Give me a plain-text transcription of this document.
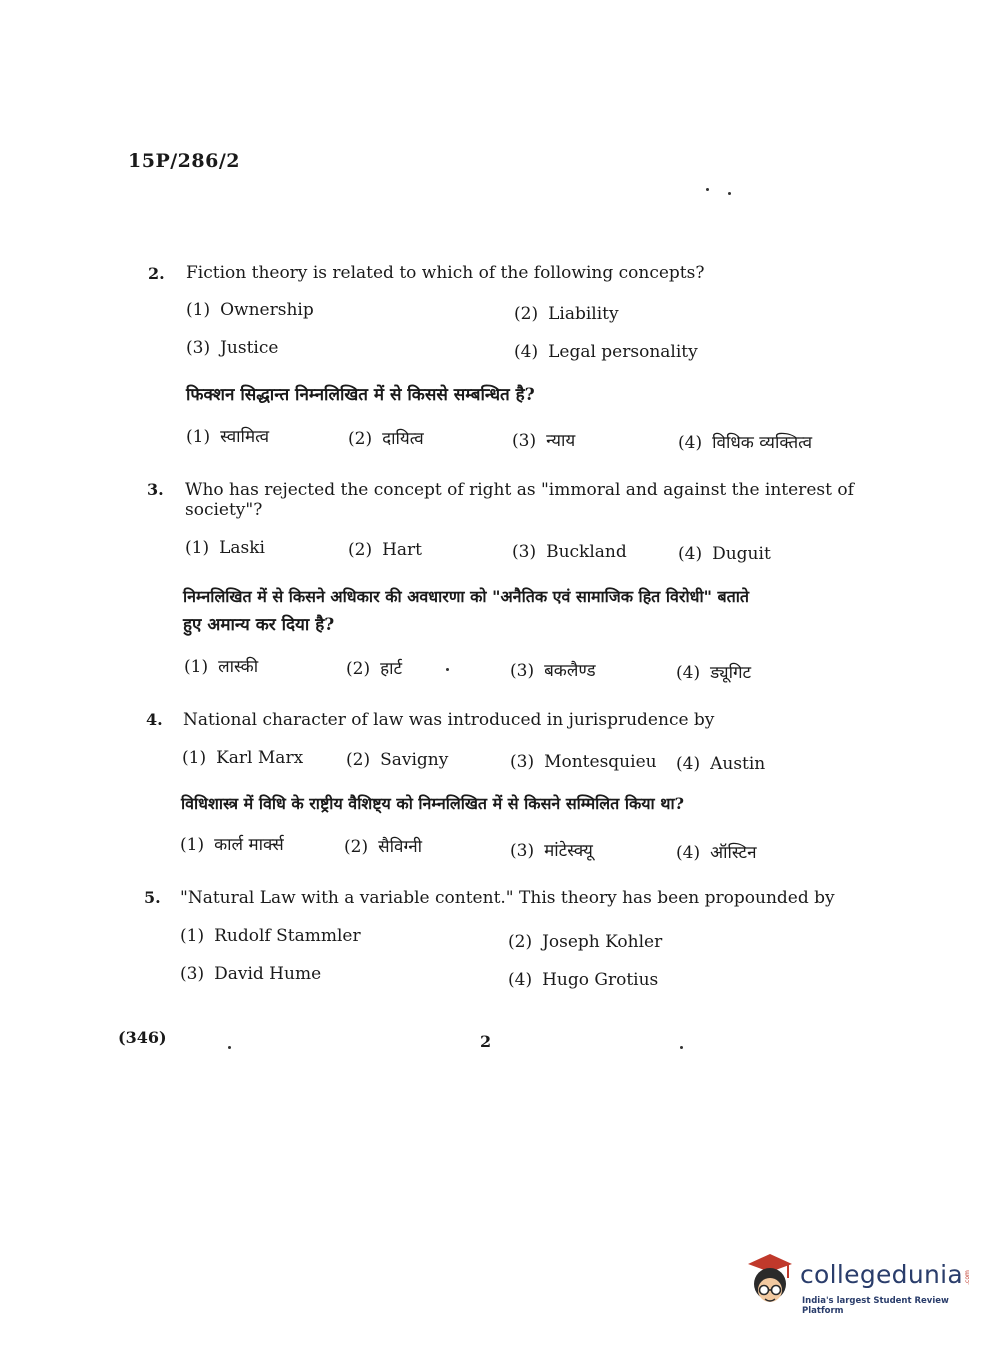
15P/286/2
2. Fiction theory is related to which of the following concepts?
(1) Ownership	(2) Liability
(3) Justice	(4) Legal personality
फिक्शन सिद्धान्त निम्नलिखित में से किससे सम्बन्धित है?
(1) स्वामित्व	(2) दायित्व	(3) न्याय	(4) विधिक व्यक्तित्व
3. Who has rejected the concept of right as "immoral and against the interest of
society"?
(1) Laski	(2) Hart	(3) Buckland	(4) Duguit
निम्नलिखित में से किसने अधिकार की अवधारणा को "अनैतिक एवं सामाजिक हित विरोधी" बताते
हुए अमान्य कर दिया है?
(1) लास्की	(2) हार्ट	(3) बकलैण्ड	(4) ड्यूगिट
4. National character of law was introduced in jurisprudence by
(1) Karl Marx	(2) Savigny	(3) Montesquieu (4) Austin
विधिशास्त्र में विधि के राष्ट्रीय वैशिष्ट्य को निम्नलिखित में से किसने सम्मिलित किया था?
(1) कार्ल मार्क्स	(2) सैविग्नी	(3) मांटेस्क्यू	(4) ऑस्टिन
5. "Natural Law with a variable content." This theory has been propounded by
(1) Rudolf Stammler	(2) Joseph Kohler
(3) David Hume	(4) Hugo Grotius
(346)	2
collegedunia .com
India's largest Student Review Platform
